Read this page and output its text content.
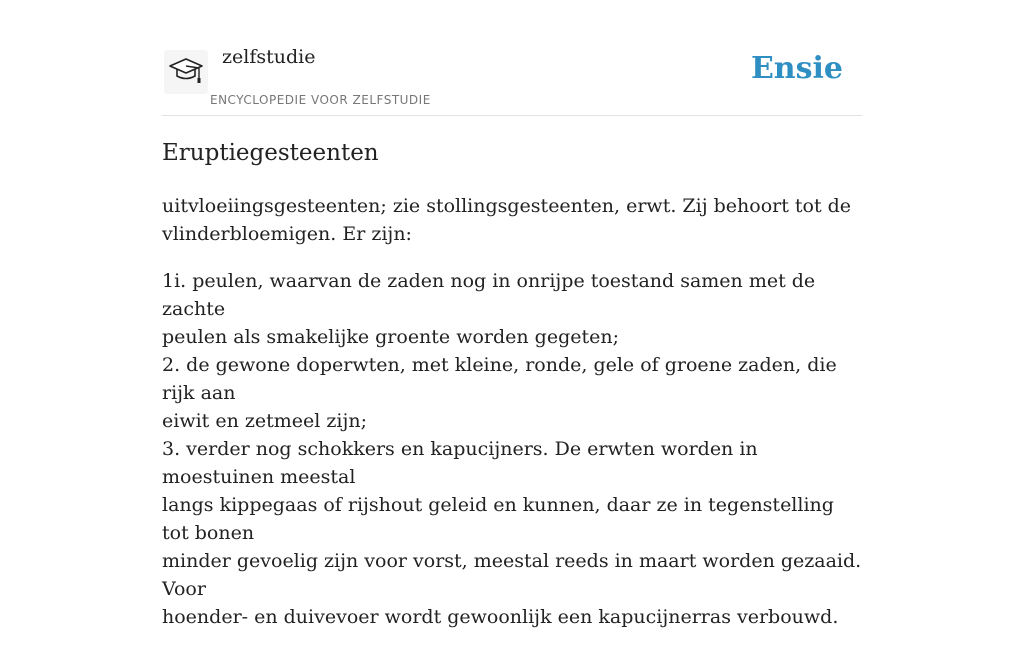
zelfstudie
ENCYCLOPEDIE VOOR ZELFSTUDIE
Ensie
Eruptiegesteenten

uitvloeiingsgesteenten; zie stollingsgesteenten, erwt. Zij behoort tot de
vlinderbloemigen. Er zijn:

1i. peulen, waarvan de zaden nog in onrijpe toestand samen met de zachte
peulen als smakelijke groente worden gegeten;
2. de gewone doperwten, met kleine, ronde, gele of groene zaden, die rijk aan
eiwit en zetmeel zijn;
3. verder nog schokkers en kapucijners. De erwten worden in moestuinen meestal
langs kippegaas of rijshout geleid en kunnen, daar ze in tegenstelling tot bonen
minder gevoelig zijn voor vorst, meestal reeds in maart worden gezaaid. Voor
hoender- en duivevoer wordt gewoonlijk een kapucijnerras verbouwd.
